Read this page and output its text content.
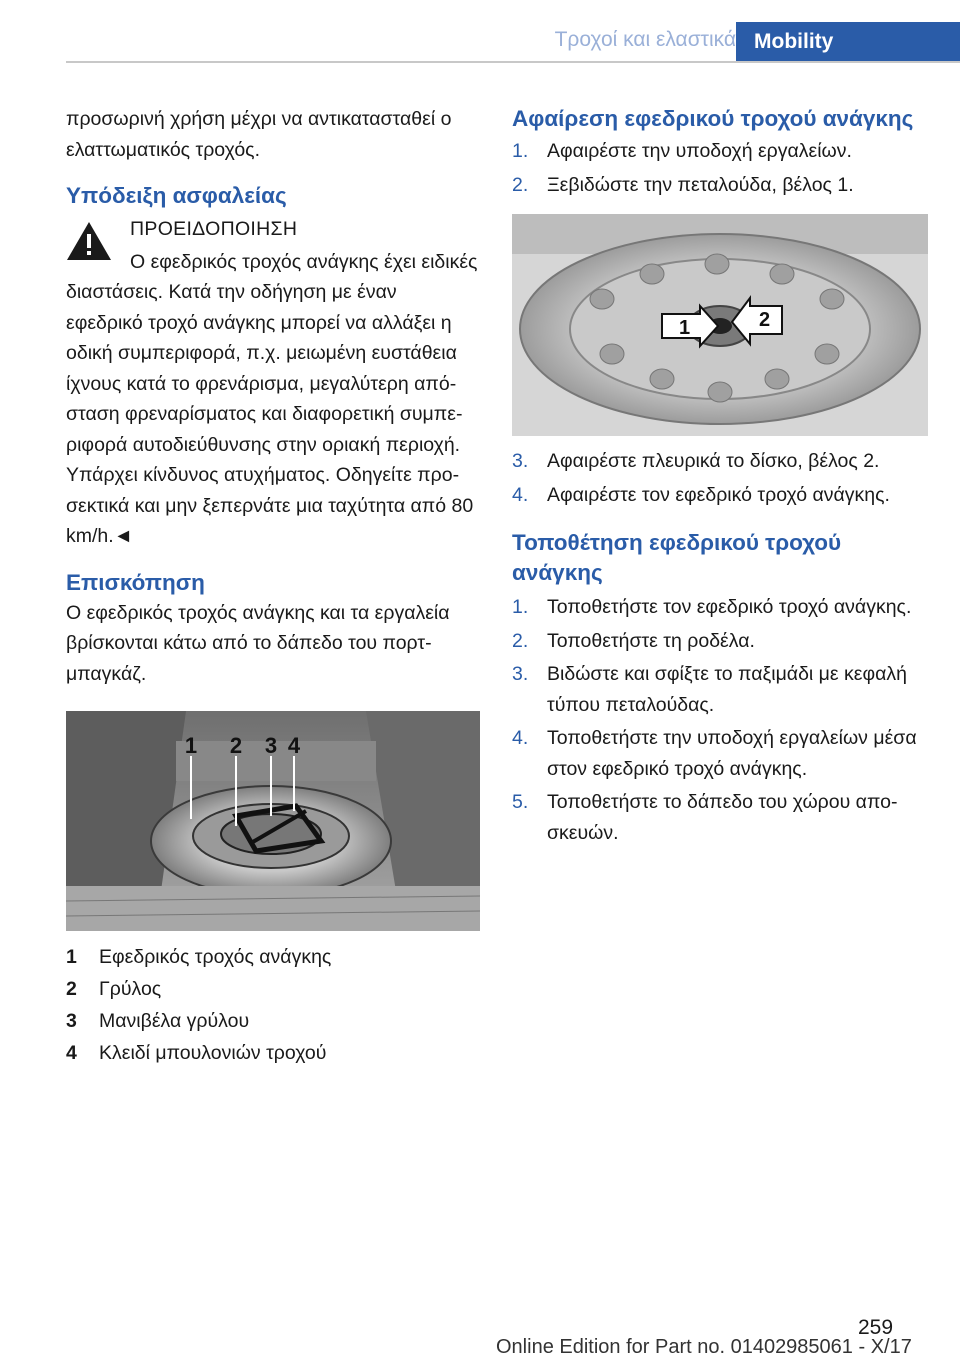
Τροχοί και ελαστικά Mobility

προσωρινή χρήση μέχρι να αντικατασταθεί ο ελαττωματικός τροχός.

Υπόδειξη ασφαλείας
ΠΡΟΕΙΔΟΠΟΙΗΣΗ

Ο εφεδρικός τροχός ανάγκης έχει ειδικές διαστάσεις. Κατά την οδήγηση με έναν εφεδρικό τροχό ανάγκης μπορεί να αλλάξει η οδική συμπεριφορά, π.χ. μειωμένη ευστάθεια ίχνους κατά το φρενάρισμα, μεγαλύτερη απόσταση φρεναρίσματος και διαφορετική συμπεριφορά αυτοδιεύθυνσης στην οριακή περιοχή. Υπάρχει κίνδυνος ατυχήματος. Οδηγείτε προσεκτικά και μην ξεπερνάτε μια ταχύτητα από 80 km/h.◄

Επισκόπηση

Ο εφεδρικός τροχός ανάγκης και τα εργαλεία βρίσκονται κάτω από το δάπεδο του πορτμπαγκάζ.

1 2 3 4
1 Εφεδρικός τροχός ανάγκης
2 Γρύλος
3 Μανιβέλα γρύλου
4 Κλειδί μπουλονιών τροχού
Αφαίρεση εφεδρικού τροχού ανάγκης
1. Αφαιρέστε την υποδοχή εργαλείων.
2. Ξεβιδώστε την πεταλούδα, βέλος 1.
1	2
3. Αφαιρέστε πλευρικά το δίσκο, βέλος 2.
4. Αφαιρέστε τον εφεδρικό τροχό ανάγκης.
Τοποθέτηση εφεδρικού τροχού ανάγκης
1. Τοποθετήστε τον εφεδρικό τροχό ανάγκης.
2. Τοποθετήστε τη ροδέλα.
3. Βιδώστε και σφίξτε το παξιμάδι με κεφαλή τύπου πεταλούδας.
4. Τοποθετήστε την υποδοχή εργαλείων μέσα στον εφεδρικό τροχό ανάγκης.
5. Τοποθετήστε το δάπεδο του χώρου αποσκευών.
259
Online Edition for Part no. 01402985061 - X/17
